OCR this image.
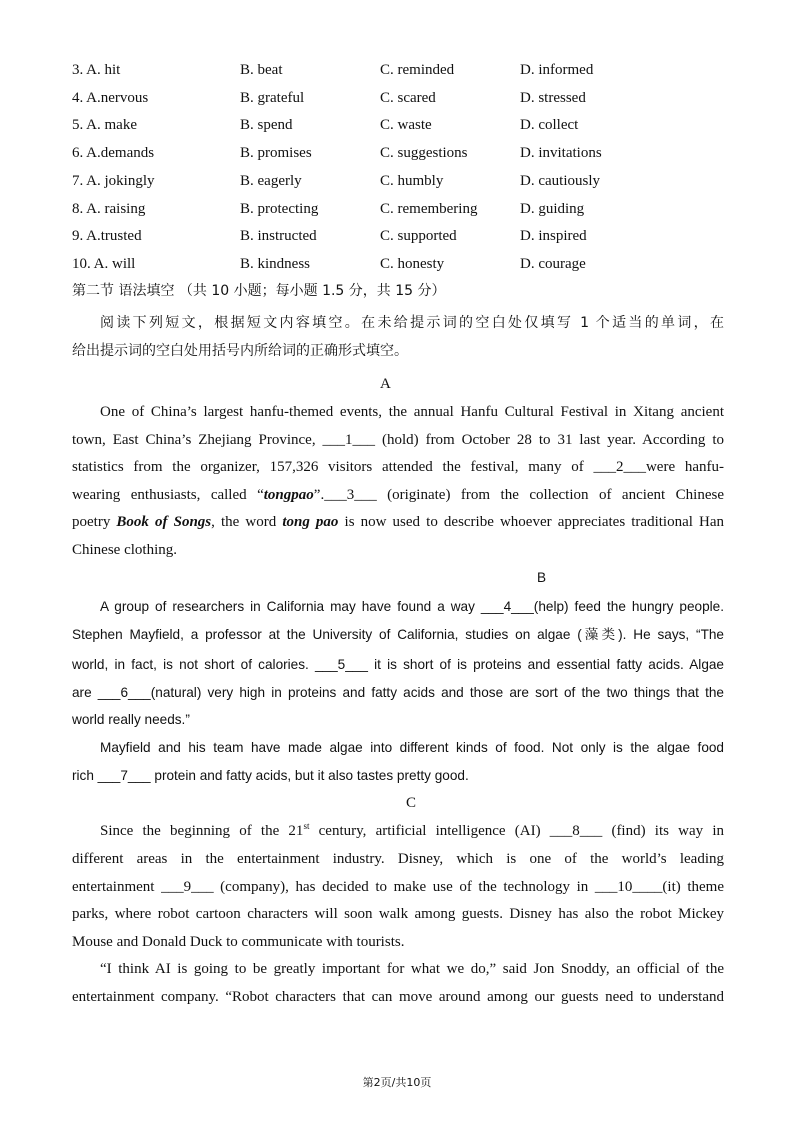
3. A. hit	B. beat	C. reminded	D. informed
4. A.nervous	B. grateful	C. scared	D. stressed
5. A. make	B. spend	C. waste	D. collect
6. A.demands	B. promises	C. suggestions	D. invitations
7. A. jokingly	B. eagerly	C. humbly	D. cautiously
8. A. raising	B. protecting	C. remembering	D. guiding
9. A.trusted	B. instructed	C. supported	D. inspired
10. A. will	B. kindness	C. honesty	D. courage
第二节 语法填空 （共 10 小题；每小题 1.5 分，共 15 分）
阅读下列短文，根据短文内容填空。在未给提示词的空白处仅填写 1 个适当的单词，在
给出提示词的空白处用括号内所给词的正确形式填空。
A
One of China’s largest hanfu-themed events, the annual Hanfu Cultural Festival in Xitang ancient
town, East China’s Zhejiang Province, ___1___ (hold) from October 28 to 31 last year. According to
statistics from the organizer, 157,326 visitors attended the festival, many of ___2___were hanfu-
wearing enthusiasts, called “tongpao”.___3___ (originate) from the collection of ancient Chinese
poetry Book of Songs, the word tong pao is now used to describe whoever appreciates traditional Han
Chinese clothing.
B
A group of researchers in California may have found a way ___4___(help) feed the hungry people.
Stephen Mayfield, a professor at the University of California, studies on algae (藻类). He says, “The
world, in fact, is not short of calories. ___5___ it is short of is proteins and essential fatty acids. Algae
are ___6___(natural) very high in proteins and fatty acids and those are sort of the two things that the
world really needs.”
Mayfield and his team have made algae into different kinds of food. Not only is the algae food
rich ___7___ protein and fatty acids, but it also tastes pretty good.
C
Since the beginning of the 21st century, artificial intelligence (AI) ___8___ (find) its way in
different areas in the entertainment industry. Disney, which is one of the world’s leading
entertainment ___9___ (company), has decided to make use of the technology in ___10____(it) theme
parks, where robot cartoon characters will soon walk among guests. Disney has also the robot Mickey
Mouse and Donald Duck to communicate with tourists.
“I think AI is going to be greatly important for what we do,” said Jon Snoddy, an official of the
entertainment company. “Robot characters that can move around among our guests need to understand
第2页/共10页
